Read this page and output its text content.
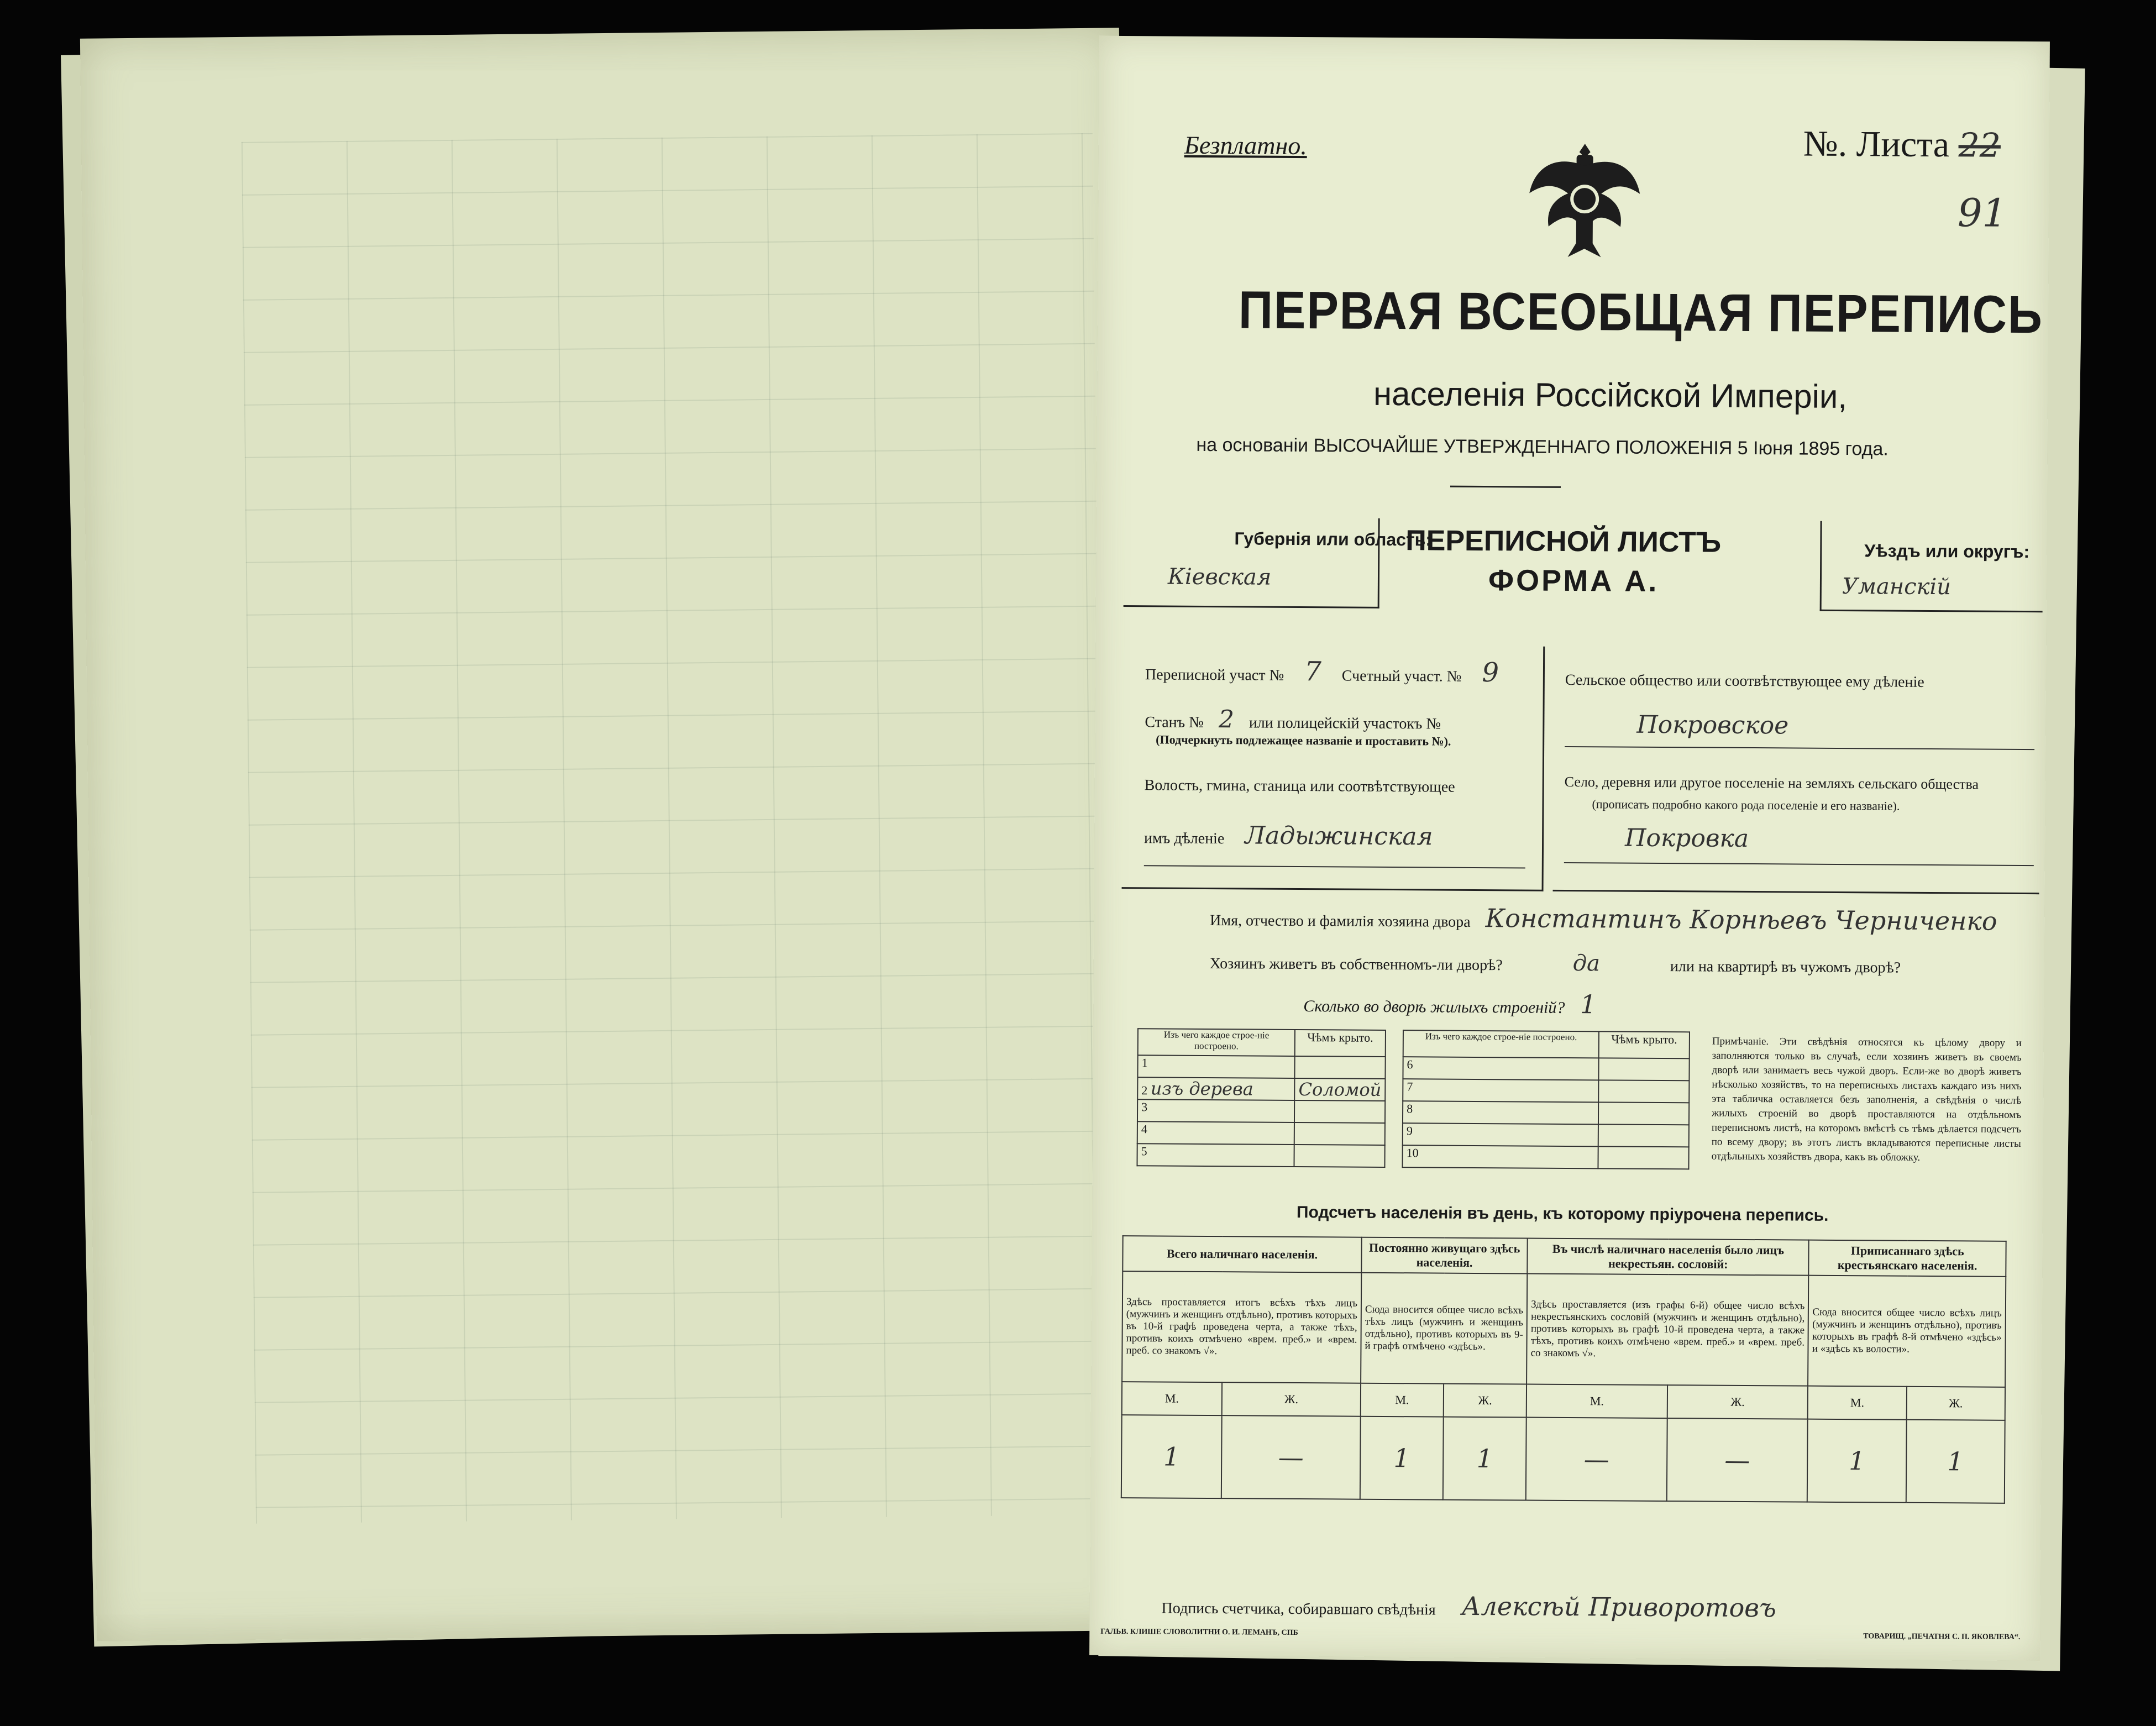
Безплатно.	№. Листа 22
91
ПЕРВАЯ ВСЕОБЩАЯ ПЕРЕПИСЬ
населенія Россійской Имперіи,
на основаніи ВЫСОЧАЙШЕ УТВЕРЖДЕННАГО ПОЛОЖЕНІЯ 5 Іюня 1895 года.
Губернія или область:
Кіевская
ПЕРЕПИСНОЙ ЛИСТЪ
ФОРМА А.
Уѣздъ или округъ:
Уманскій
Переписной участ № 7 Счетный участ. № 9
Станъ № 2 или полицейскій участокъ №
(Подчеркнуть подлежащее названіе и проставить №).
Волость, гмина, станица или соотвѣтствующее
имъ дѣленіе Ладыжинская
Сельское общество или соотвѣтствующее ему дѣленіе
Покровское
Село, деревня или другое поселеніе на земляхъ сельскаго общества
(прописать подробно какого рода поселеніе и его названіе).
Покровка
Имя, отчество и фамилія хозяина двора Константинъ Корнѣевъ Черниченко
Хозяинъ живетъ въ собственномъ-ли дворѣ?	да	или на квартирѣ въ чужомъ дворѣ?
Сколько во дворѣ жилыхъ строеній? 1
Изъ чего каждое строе-ніе построено.	Чѣмъ крыто.
1	
2 изъ дерева	Соломой
3	
4	
5	
Изъ чего каждое строе-ніе построено.	Чѣмъ крыто.
6	
7	
8	
9	
10	
Примѣчаніе. Эти свѣдѣнія относятся къ цѣлому двору и заполняются только въ случаѣ, если хозяинъ живетъ въ своемъ дворѣ или занимаетъ весь чужой дворъ. Если-же во дворѣ живетъ нѣсколько хозяйствъ, то на переписныхъ листахъ каждаго изъ нихъ эта табличка оставляется безъ заполненія, а свѣдѣнія о числѣ жилыхъ строеній во дворѣ проставляются на отдѣльномъ переписномъ листѣ, на которомъ вмѣстѣ съ тѣмъ дѣлается подсчетъ по всему двору; въ этотъ листъ вкладываются переписные листы отдѣльныхъ хозяйствъ двора, какъ въ обложку.
Подсчетъ населенія въ день, къ которому пріурочена перепись.
Всего наличнаго населенія.		Постоянно живущаго здѣсь населенія.		Въ числѣ наличнаго населенія было лицъ некрестьян. сословій:		Приписаннаго здѣсь крестьянскаго населенія.	
Здѣсь проставляется итогъ всѣхъ тѣхъ лицъ (мужчинъ и женщинъ отдѣльно), противъ которыхъ въ 10-й графѣ проведена черта, а также тѣхъ, противъ коихъ отмѣчено «врем. преб.» и «врем. преб. со знакомъ √».		Сюда вносится общее число всѣхъ тѣхъ лицъ (мужчинъ и женщинъ отдѣльно), противъ которыхъ въ 9-й графѣ отмѣчено «здѣсь».		Здѣсь проставляется (изъ графы 6-й) общее число всѣхъ некрестьянскихъ сословій (мужчинъ и женщинъ отдѣльно), противъ которыхъ въ графѣ 10-й проведена черта, а также тѣхъ, противъ коихъ отмѣчено «врем. преб.» и «врем. преб. со знакомъ √».		Сюда вносится общее число всѣхъ лицъ (мужчинъ и женщинъ отдѣльно), противъ которыхъ въ графѣ 8-й отмѣчено «здѣсь» и «здѣсь къ волости».	
М.	Ж.	М.	Ж.	М.	Ж.	М.	Ж.
1	—	1	1	—	—	1	1
Подпись счетчика, собиравшаго свѣдѣнія Алексѣй Приворотовъ
ГАЛЬВ. КЛИШЕ СЛОВОЛИТНИ О. И. ЛЕМАНЪ, СПБ	ТОВАРИЩ. „ПЕЧАТНЯ С. П. ЯКОВЛЕВА“.
